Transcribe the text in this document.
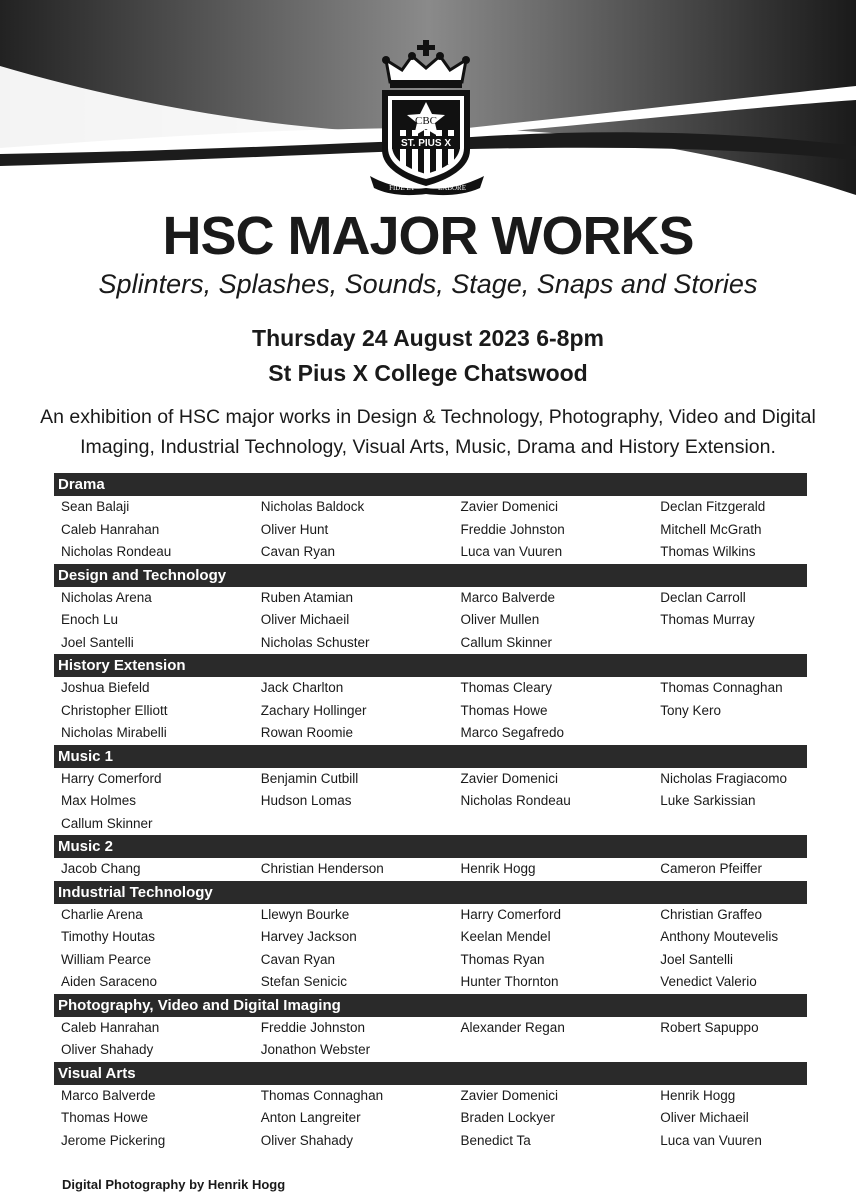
CBC
ST. PIUS X
FIDE ET	LABORE
HSC MAJOR WORKS
Splinters, Splashes, Sounds, Stage, Snaps and Stories
Thursday 24 August 2023 6-8pm
St Pius X College Chatswood
An exhibition of HSC major works in Design & Technology, Photography, Video and Digital Imaging, Industrial Technology, Visual Arts, Music, Drama and History Extension.
Drama
Sean Balaji	Nicholas Baldock	Zavier Domenici	Declan Fitzgerald
Caleb Hanrahan	Oliver Hunt	Freddie Johnston	Mitchell McGrath
Nicholas Rondeau	Cavan Ryan	Luca van Vuuren	Thomas Wilkins
Design and Technology
Nicholas Arena	Ruben Atamian	Marco Balverde	Declan Carroll
Enoch Lu	Oliver Michaeil	Oliver Mullen	Thomas Murray
Joel Santelli	Nicholas Schuster	Callum Skinner
History Extension
Joshua Biefeld	Jack Charlton	Thomas Cleary	Thomas Connaghan
Christopher Elliott	Zachary Hollinger	Thomas Howe	Tony Kero
Nicholas Mirabelli	Rowan Roomie	Marco Segafredo
Music 1
Harry Comerford	Benjamin Cutbill	Zavier Domenici	Nicholas Fragiacomo
Max Holmes	Hudson Lomas	Nicholas Rondeau	Luke Sarkissian
Callum Skinner
Music 2
Jacob Chang	Christian Henderson	Henrik Hogg	Cameron Pfeiffer
Industrial Technology
Charlie Arena	Llewyn Bourke	Harry Comerford	Christian Graffeo
Timothy Houtas	Harvey Jackson	Keelan Mendel	Anthony Moutevelis
William Pearce	Cavan Ryan	Thomas Ryan	Joel Santelli
Aiden Saraceno	Stefan Senicic	Hunter Thornton	Venedict Valerio
Photography, Video and Digital Imaging
Caleb Hanrahan	Freddie Johnston	Alexander Regan	Robert Sapuppo
Oliver Shahady	Jonathon Webster
Visual Arts
Marco Balverde	Thomas Connaghan	Zavier Domenici	Henrik Hogg
Thomas Howe	Anton Langreiter	Braden Lockyer	Oliver Michaeil
Jerome Pickering	Oliver Shahady	Benedict Ta	Luca van Vuuren
Digital Photography by Henrik Hogg
